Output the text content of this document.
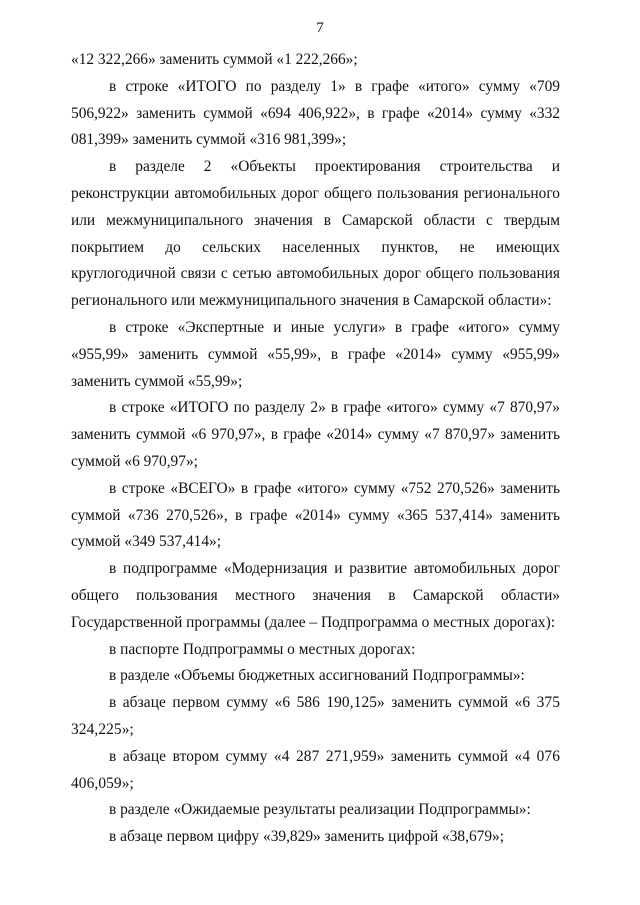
7

«12 322,266» заменить суммой «1 222,266»;

в строке «ИТОГО по разделу 1» в графе «итого» сумму «709 506,922» заменить суммой «694 406,922», в графе «2014» сумму «332 081,399» заменить суммой «316 981,399»;

в разделе 2 «Объекты проектирования строительства и реконструкции автомобильных дорог общего пользования регионального или межмуниципального значения в Самарской области с твердым покрытием до сельских населенных пунктов, не имеющих круглогодичной связи с сетью автомобильных дорог общего пользования регионального или межмуниципального значения в Самарской области»:

в строке «Экспертные и иные услуги» в графе «итого» сумму «955,99» заменить суммой «55,99», в графе «2014» сумму «955,99» заменить суммой «55,99»;

в строке «ИТОГО по разделу 2» в графе «итого» сумму «7 870,97» заменить суммой «6 970,97», в графе «2014» сумму «7 870,97» заменить суммой «6 970,97»;

в строке «ВСЕГО» в графе «итого» сумму «752 270,526» заменить суммой «736 270,526», в графе «2014» сумму «365 537,414» заменить суммой «349 537,414»;

в подпрограмме «Модернизация и развитие автомобильных дорог общего пользования местного значения в Самарской области» Государственной программы (далее – Подпрограмма о местных дорогах):

в паспорте Подпрограммы о местных дорогах:

в разделе «Объемы бюджетных ассигнований Подпрограммы»:

в абзаце первом сумму «6 586 190,125» заменить суммой «6 375 324,225»;

в абзаце втором сумму «4 287 271,959» заменить суммой «4 076 406,059»;

в разделе «Ожидаемые результаты реализации Подпрограммы»:

в абзаце первом цифру «39,829» заменить цифрой «38,679»;
